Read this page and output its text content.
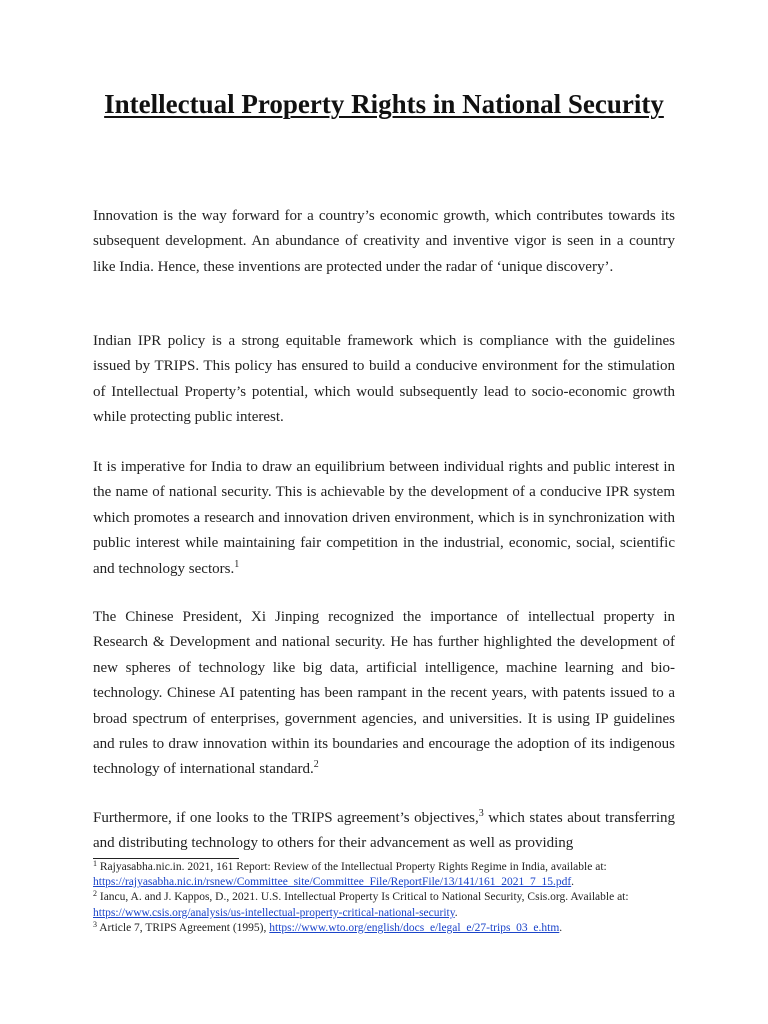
Intellectual Property Rights in National Security

Innovation is the way forward for a country’s economic growth, which contributes towards its subsequent development. An abundance of creativity and inventive vigor is seen in a country like India. Hence, these inventions are protected under the radar of ‘unique discovery’.

Indian IPR policy is a strong equitable framework which is compliance with the guidelines issued by TRIPS. This policy has ensured to build a conducive environment for the stimulation of Intellectual Property’s potential, which would subsequently lead to socio-economic growth while protecting public interest.

It is imperative for India to draw an equilibrium between individual rights and public interest in the name of national security. This is achievable by the development of a conducive IPR system which promotes a research and innovation driven environment, which is in synchronization with public interest while maintaining fair competition in the industrial, economic, social, scientific and technology sectors.$^1$

The Chinese President, Xi Jinping recognized the importance of intellectual property in Research & Development and national security. He has further highlighted the development of new spheres of technology like big data, artificial intelligence, machine learning and bio-technology. Chinese AI patenting has been rampant in the recent years, with patents issued to a broad spectrum of enterprises, government agencies, and universities. It is using IP guidelines and rules to draw innovation within its boundaries and encourage the adoption of its indigenous technology of international standard.$^2$

Furthermore, if one looks to the TRIPS agreement’s objectives,$^3$ which states about transferring and distributing technology to others for their advancement as well as providing

$^1$ Rajyasabha.nic.in. 2021, 161 Report: Review of the Intellectual Property Rights Regime in India, available at: https://rajyasabha.nic.in/rsnew/Committee_site/Committee_File/ReportFile/13/141/161_2021_7_15.pdf.

$^2$ Iancu, A. and J. Kappos, D., 2021. U.S. Intellectual Property Is Critical to National Security, Csis.org. Available at: https://www.csis.org/analysis/us-intellectual-property-critical-national-security.

$^3$ Article 7, TRIPS Agreement (1995), https://www.wto.org/english/docs_e/legal_e/27-trips_03_e.htm.
